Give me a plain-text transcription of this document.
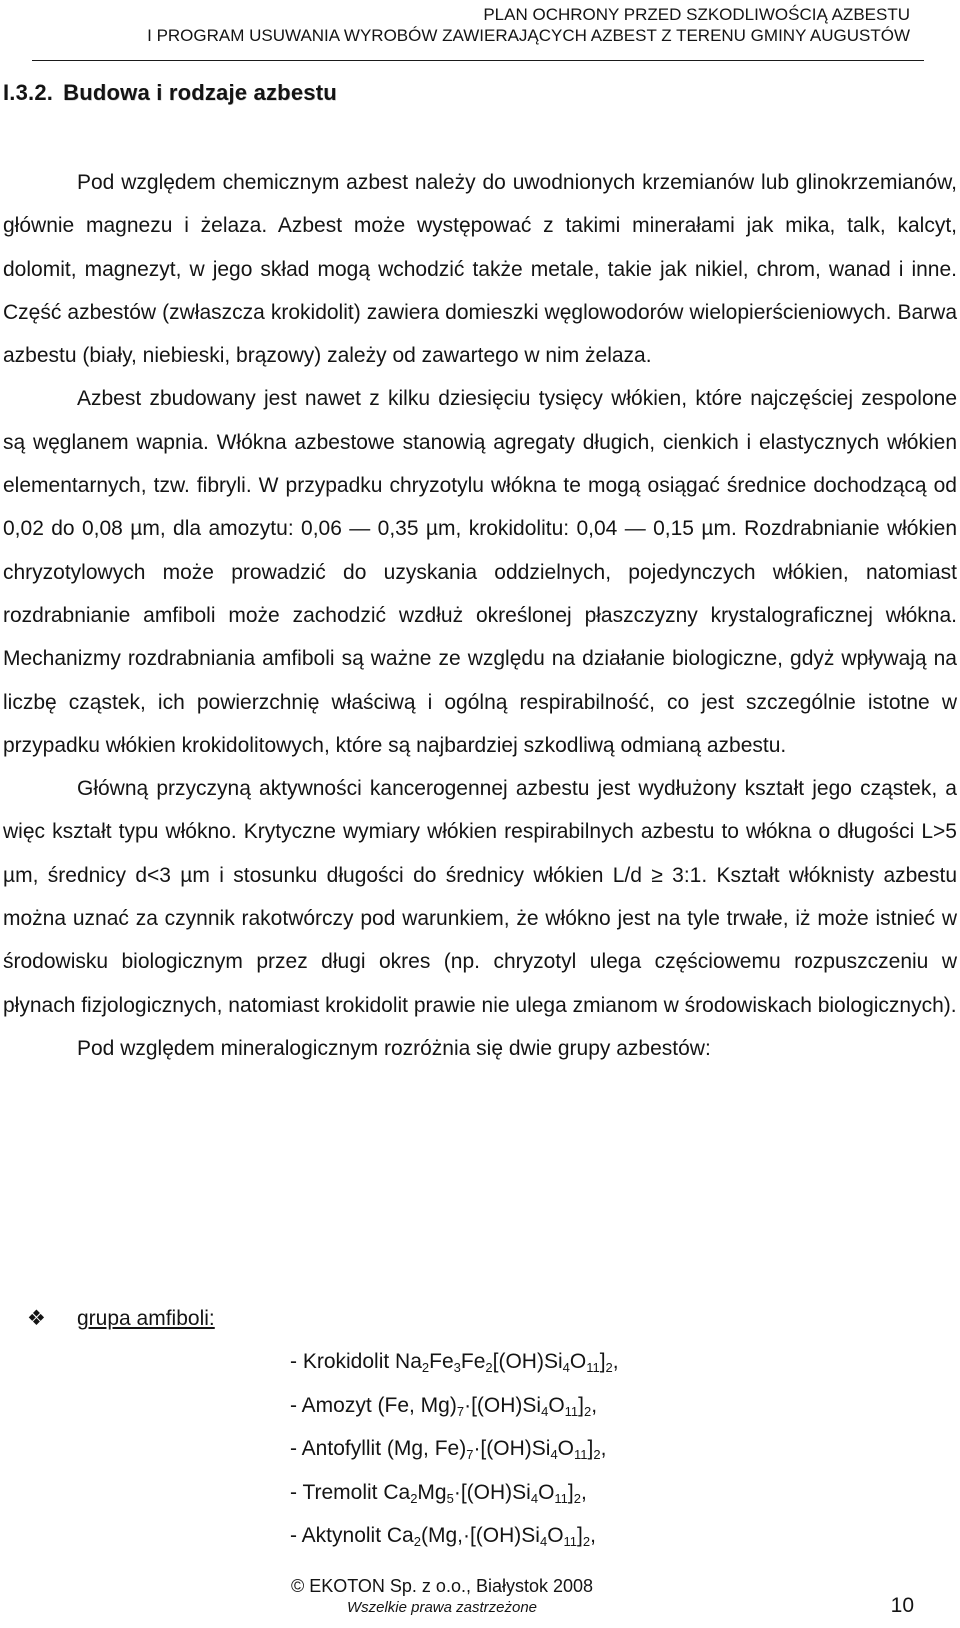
PLAN OCHRONY PRZED SZKODLIWOŚCIĄ AZBESTU
I PROGRAM USUWANIA WYROBÓW ZAWIERAJĄCYCH AZBEST Z TERENU GMINY AUGUSTÓW
I.3.2. Budowa i rodzaje azbestu

Pod względem chemicznym azbest należy do uwodnionych krzemianów lub glinokrzemianów, głównie magnezu i żelaza. Azbest może występować z takimi minerałami jak mika, talk, kalcyt, dolomit, magnezyt, w jego skład mogą wchodzić także metale, takie jak nikiel, chrom, wanad i inne. Część azbestów (zwłaszcza krokidolit) zawiera domieszki węglowodorów wielopierścieniowych. Barwa azbestu (biały, niebieski, brązowy) zależy od zawartego w nim żelaza.

Azbest zbudowany jest nawet z kilku dziesięciu tysięcy włókien, które najczęściej zespolone są węglanem wapnia. Włókna azbestowe stanowią agregaty długich, cienkich i elastycznych włókien elementarnych, tzw. fibryli. W przypadku chryzotylu włókna te mogą osiągać średnice dochodzącą od 0,02 do 0,08 µm, dla amozytu: 0,06 — 0,35 µm, krokidolitu: 0,04 — 0,15 µm. Rozdrabnianie włókien chryzotylowych może prowadzić do uzyskania oddzielnych, pojedynczych włókien, natomiast rozdrabnianie amfiboli może zachodzić wzdłuż określonej płaszczyzny krystalograficznej włókna. Mechanizmy rozdrabniania amfiboli są ważne ze względu na działanie biologiczne, gdyż wpływają na liczbę cząstek, ich powierzchnię właściwą i ogólną respirabilność, co jest szczególnie istotne w przypadku włókien krokidolitowych, które są najbardziej szkodliwą odmianą azbestu.

Główną przyczyną aktywności kancerogennej azbestu jest wydłużony kształt jego cząstek, a więc kształt typu włókno. Krytyczne wymiary włókien respirabilnych azbestu to włókna o długości L>5 µm, średnicy d<3 µm i stosunku długości do średnicy włókien L/d ≥ 3:1. Kształt włóknisty azbestu można uznać za czynnik rakotwórczy pod warunkiem, że włókno jest na tyle trwałe, iż może istnieć w środowisku biologicznym przez długi okres (np. chryzotyl ulega częściowemu rozpuszczeniu w płynach fizjologicznych, natomiast krokidolit prawie nie ulega zmianom w środowiskach biologicznych).

Pod względem mineralogicznym rozróżnia się dwie grupy azbestów:

❖ grupa amfiboli:
- Krokidolit $Na_2Fe_3Fe_2[(OH)Si_4O_{11}]_2$,
- Amozyt (Fe, $Mg)_7\cdot[(OH)Si_4O_{11}]_2$,
- Antofyllit (Mg, $Fe)_7\cdot[(OH)Si_4O_{11}]_2$,
- Tremolit $Ca_2Mg_5\cdot[(OH)Si_4O_{11}]_2$,
- Aktynolit $Ca_2(Mg,\cdot[(OH)Si_4O_{11}]_2$,
© EKOTON Sp. z o.o., Białystok 2008
Wszelkie prawa zastrzeżone	10
